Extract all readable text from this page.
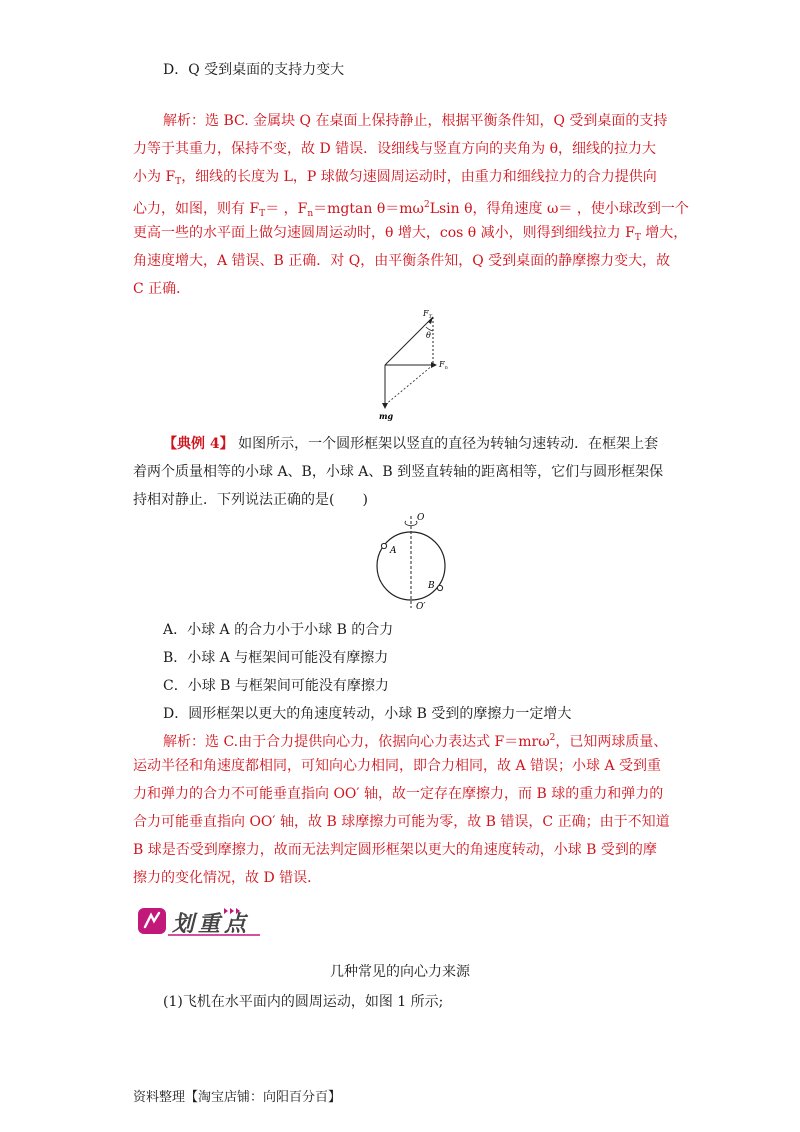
D．Q 受到桌面的支持力变大
解析：选 BC. 金属块 Q 在桌面上保持静止，根据平衡条件知，Q 受到桌面的支持
力等于其重力，保持不变，故 D 错误．设细线与竖直方向的夹角为 θ，细线的拉力大
小为 $F_T$，细线的长度为 L，P 球做匀速圆周运动时，由重力和细线拉力的合力提供向
心力，如图，则有 $F_T=$ ，$F_n=mgtan$ $\theta=m\omega^2Lsin$ θ，得角速度 ω＝ ，使小球改到一个
更高一些的水平面上做匀速圆周运动时，θ 增大，cos θ 减小，则得到细线拉力 $F_T$ 增大，
角速度增大，A 错误、B 正确．对 Q，由平衡条件知，Q 受到桌面的静摩擦力变大，故
C 正确．
$F_T$
θ
$F_n$
mg
【典例 4】 如图所示，一个圆形框架以竖直的直径为转轴匀速转动．在框架上套
着两个质量相等的小球 A、B，小球 A、B 到竖直转轴的距离相等，它们与圆形框架保
持相对静止．下列说法正确的是(　　)
O
A
B
O′
A．小球 A 的合力小于小球 B 的合力
B．小球 A 与框架间可能没有摩擦力
C．小球 B 与框架间可能没有摩擦力
D．圆形框架以更大的角速度转动，小球 B 受到的摩擦力一定增大
解析：选 C.由于合力提供向心力，依据向心力表达式 F＝mrω$^2$，已知两球质量、
运动半径和角速度都相同，可知向心力相同，即合力相同，故 A 错误；小球 A 受到重
力和弹力的合力不可能垂直指向 OO′ 轴，故一定存在摩擦力，而 B 球的重力和弹力的
合力可能垂直指向 OO′ 轴，故 B 球摩擦力可能为零，故 B 错误，C 正确；由于不知道
B 球是否受到摩擦力，故而无法判定圆形框架以更大的角速度转动，小球 B 受到的摩
擦力的变化情况，故 D 错误．
划重点
几种常见的向心力来源
(1)飞机在水平面内的圆周运动，如图 1 所示;
资料整理【淘宝店铺：向阳百分百】
